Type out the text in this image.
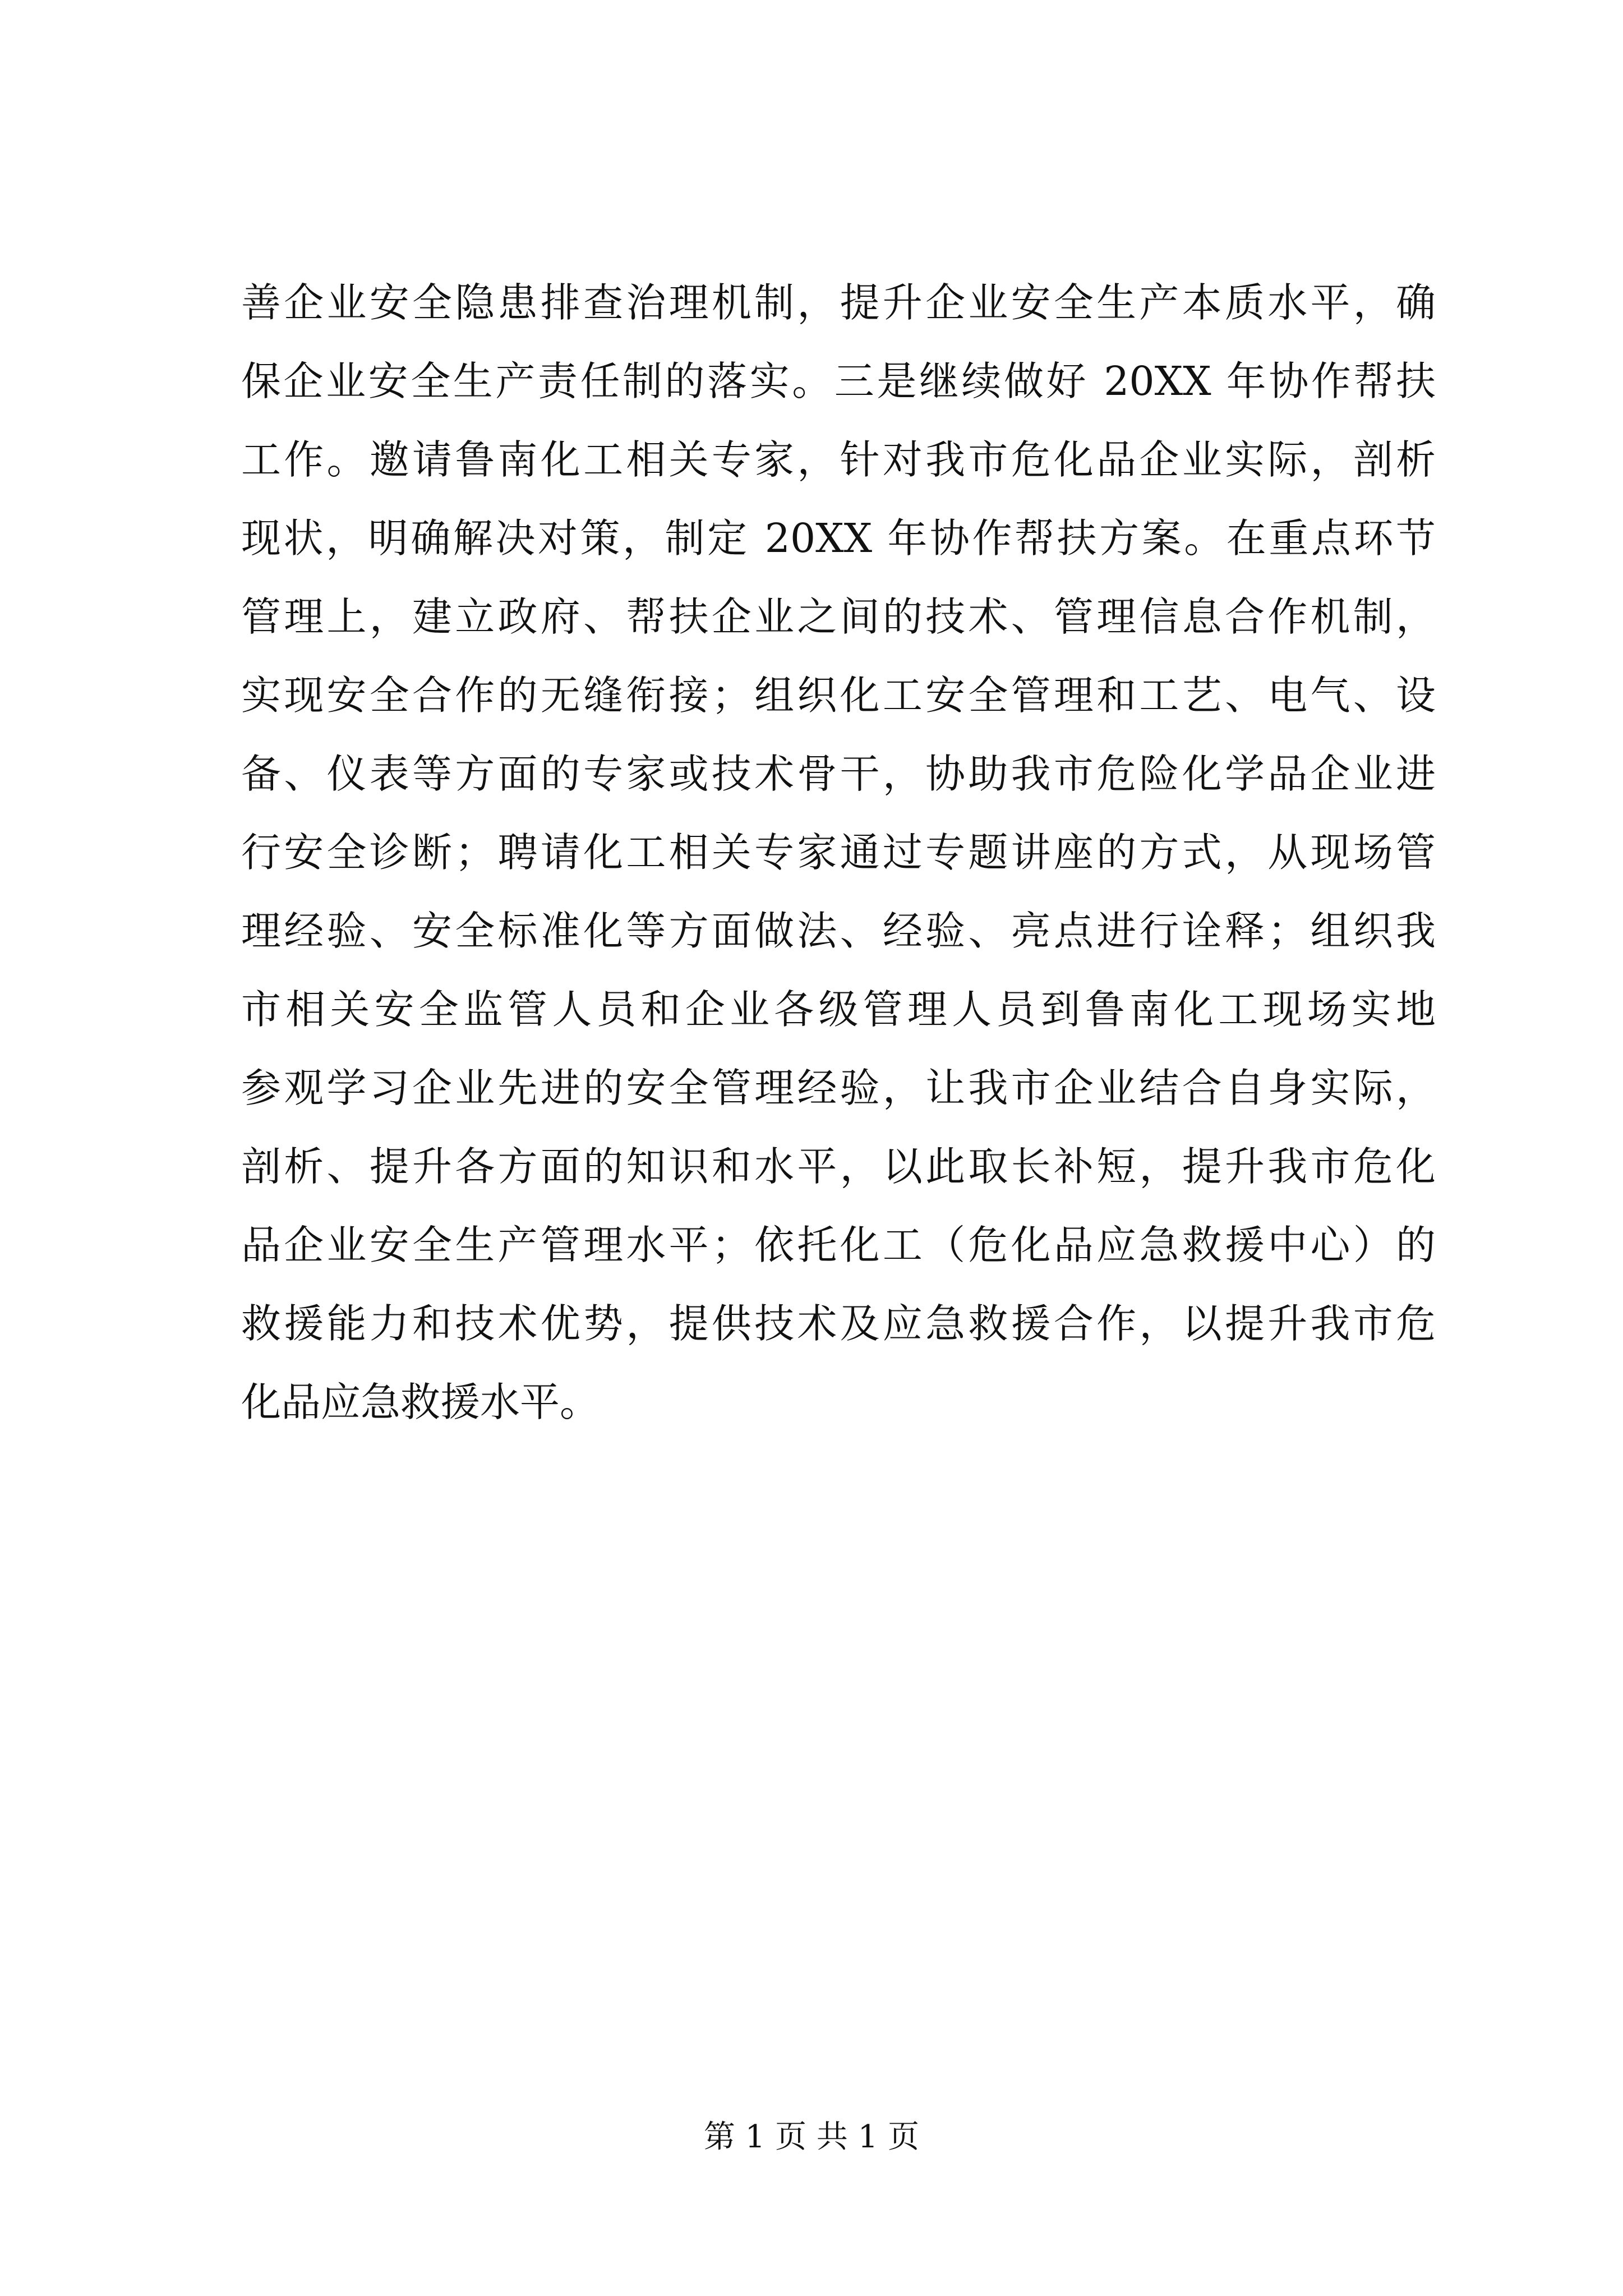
善企业安全隐患排查治理机制，提升企业安全生产本质水平，确
保企业安全生产责任制的落实。三是继续做好 20XX 年协作帮扶
工作。邀请鲁南化工相关专家，针对我市危化品企业实际，剖析
现状，明确解决对策，制定 20XX 年协作帮扶方案。在重点环节
管理上，建立政府、帮扶企业之间的技术、管理信息合作机制，
实现安全合作的无缝衔接；组织化工安全管理和工艺、电气、设
备、仪表等方面的专家或技术骨干，协助我市危险化学品企业进
行安全诊断；聘请化工相关专家通过专题讲座的方式，从现场管
理经验、安全标准化等方面做法、经验、亮点进行诠释；组织我
市相关安全监管人员和企业各级管理人员到鲁南化工现场实地
参观学习企业先进的安全管理经验，让我市企业结合自身实际，
剖析、提升各方面的知识和水平，以此取长补短，提升我市危化
品企业安全生产管理水平；依托化工（危化品应急救援中心）的
救援能力和技术优势，提供技术及应急救援合作，以提升我市危
化品应急救援水平。
第 1 页 共 1 页
